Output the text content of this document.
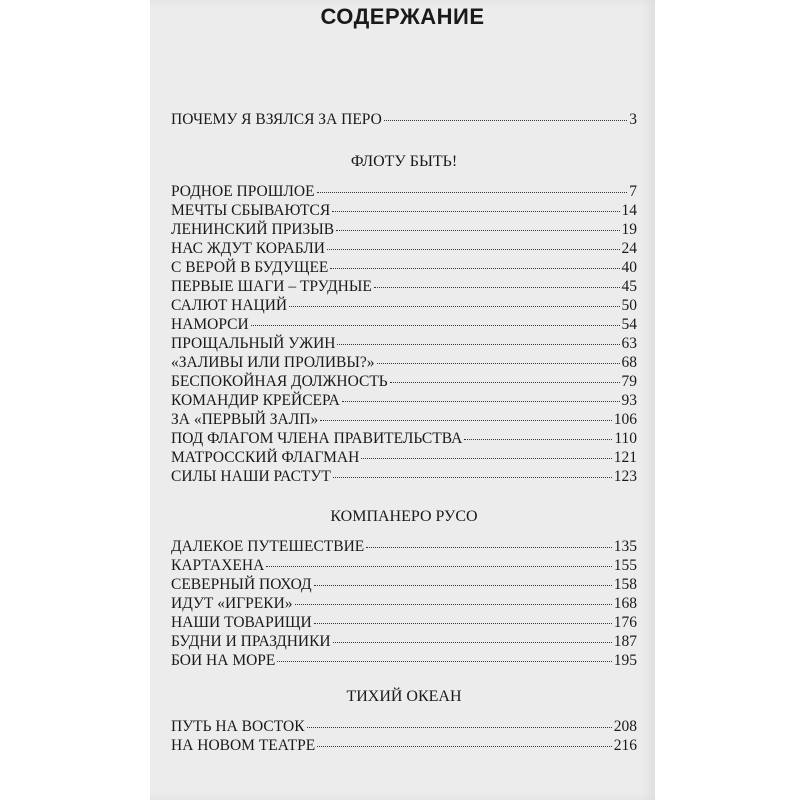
СОДЕРЖАНИЕ
ПОЧЕМУ Я ВЗЯЛСЯ ЗА ПЕРО	3
ФЛОТУ БЫТЬ!
РОДНОЕ ПРОШЛОЕ	7
МЕЧТЫ СБЫВАЮТСЯ	14
ЛЕНИНСКИЙ ПРИЗЫВ	19
НАС ЖДУТ КОРАБЛИ	24
С ВЕРОЙ В БУДУЩЕЕ	40
ПЕРВЫЕ ШАГИ – ТРУДНЫЕ	45
САЛЮТ НАЦИЙ	50
НАМОРСИ	54
ПРОЩАЛЬНЫЙ УЖИН	63
«ЗАЛИВЫ ИЛИ ПРОЛИВЫ?»	68
БЕСПОКОЙНАЯ ДОЛЖНОСТЬ	79
КОМАНДИР КРЕЙСЕРА	93
ЗА «ПЕРВЫЙ ЗАЛП»	106
ПОД ФЛАГОМ ЧЛЕНА ПРАВИТЕЛЬСТВА	110
МАТРОССКИЙ ФЛАГМАН	121
СИЛЫ НАШИ РАСТУТ	123
КОМПАНЕРО РУСО
ДАЛЕКОЕ ПУТЕШЕСТВИЕ	135
КАРТАХЕНА	155
СЕВЕРНЫЙ ПОХОД	158
ИДУТ «ИГРЕКИ»	168
НАШИ ТОВАРИЩИ	176
БУДНИ И ПРАЗДНИКИ	187
БОИ НА МОРЕ	195
ТИХИЙ ОКЕАН
ПУТЬ НА ВОСТОК	208
НА НОВОМ ТЕАТРЕ	216
